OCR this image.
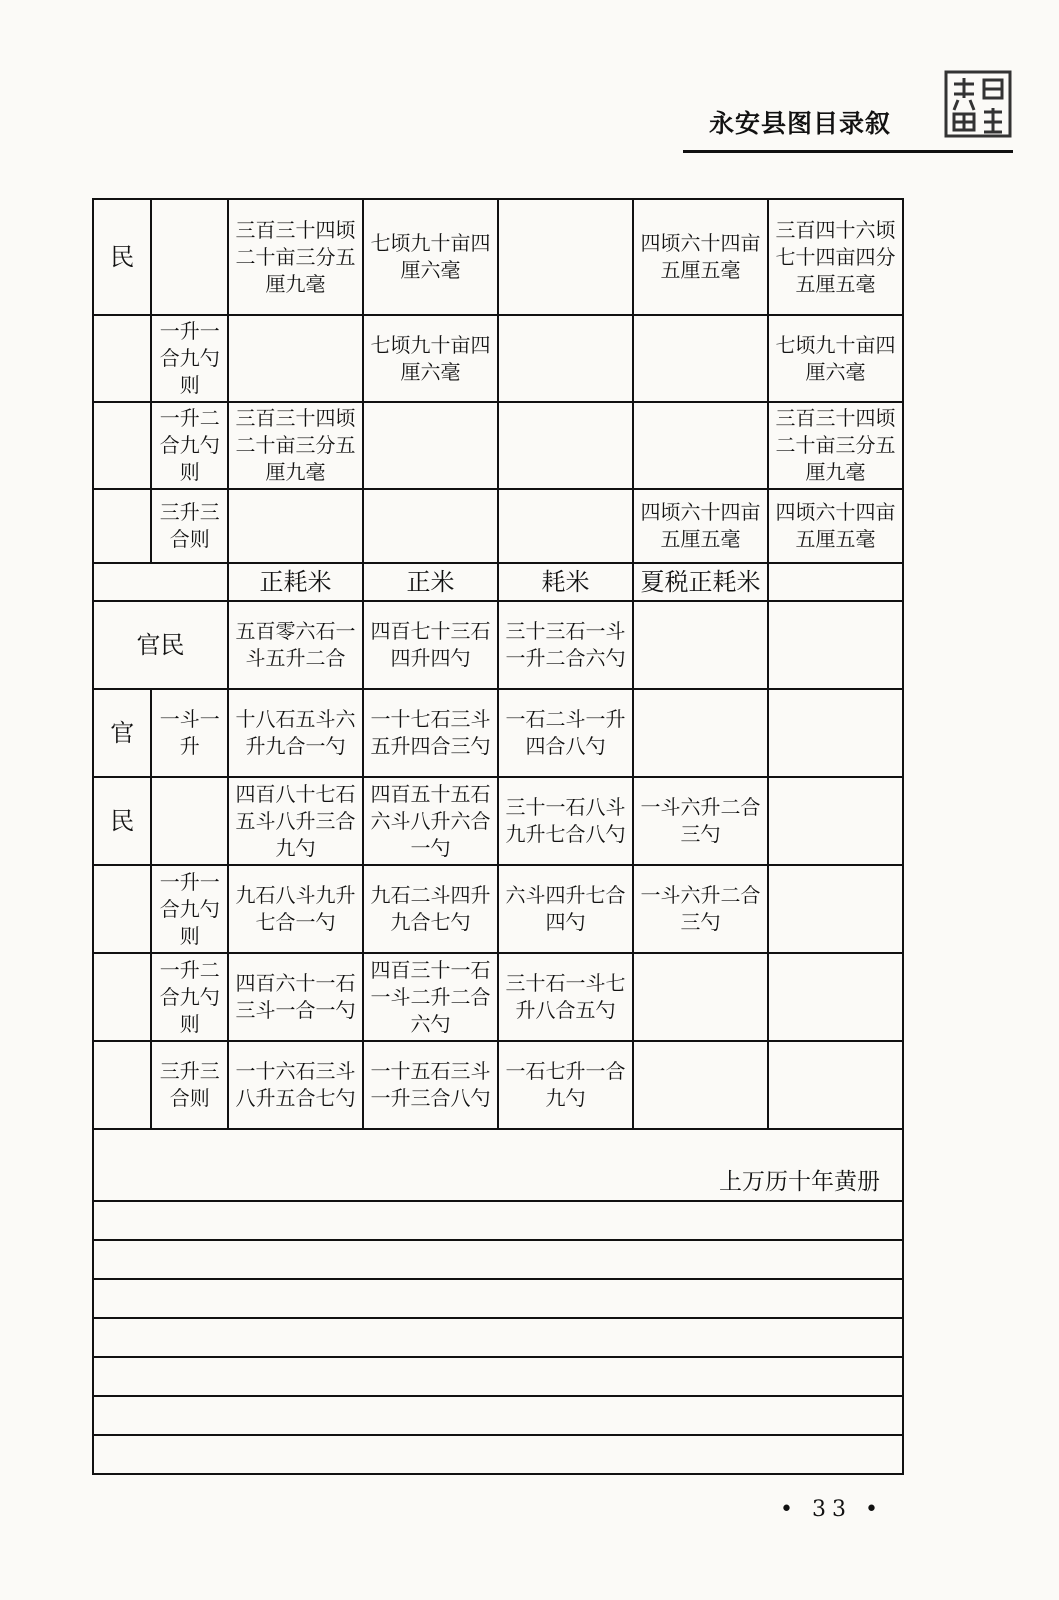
永安县图目录叙
民		三百三十四顷二十亩三分五厘九毫	七顷九十亩四厘六毫		四顷六十四亩五厘五毫	三百四十六顷七十四亩四分五厘五毫
	一升一合九勺则		七顷九十亩四厘六毫			七顷九十亩四厘六毫
	一升二合九勺则	三百三十四顷二十亩三分五厘九毫				三百三十四顷二十亩三分五厘九毫
	三升三合则				四顷六十四亩五厘五毫	四顷六十四亩五厘五毫
		正耗米	正米	耗米	夏税正耗米	
官民		五百零六石一斗五升二合	四百七十三石四升四勺	三十三石一斗一升二合六勺		
官	一斗一升	十八石五斗六升九合一勺	一十七石三斗五升四合三勺	一石二斗一升四合八勺		
民		四百八十七石五斗八升三合九勺	四百五十五石六斗八升六合一勺	三十一石八斗九升七合八勺	一斗六升二合三勺	
	一升一合九勺则	九石八斗九升七合一勺	九石二斗四升九合七勺	六斗四升七合四勺	一斗六升二合三勺	
	一升二合九勺则	四百六十一石三斗一合一勺	四百三十一石一斗二升二合六勺	三十石一斗七升八合五勺		
	三升三合则	一十六石三斗八升五合七勺	一十五石三斗一升三合八勺	一石七升一合九勺		

上万历十年黄册						

• 33 •
